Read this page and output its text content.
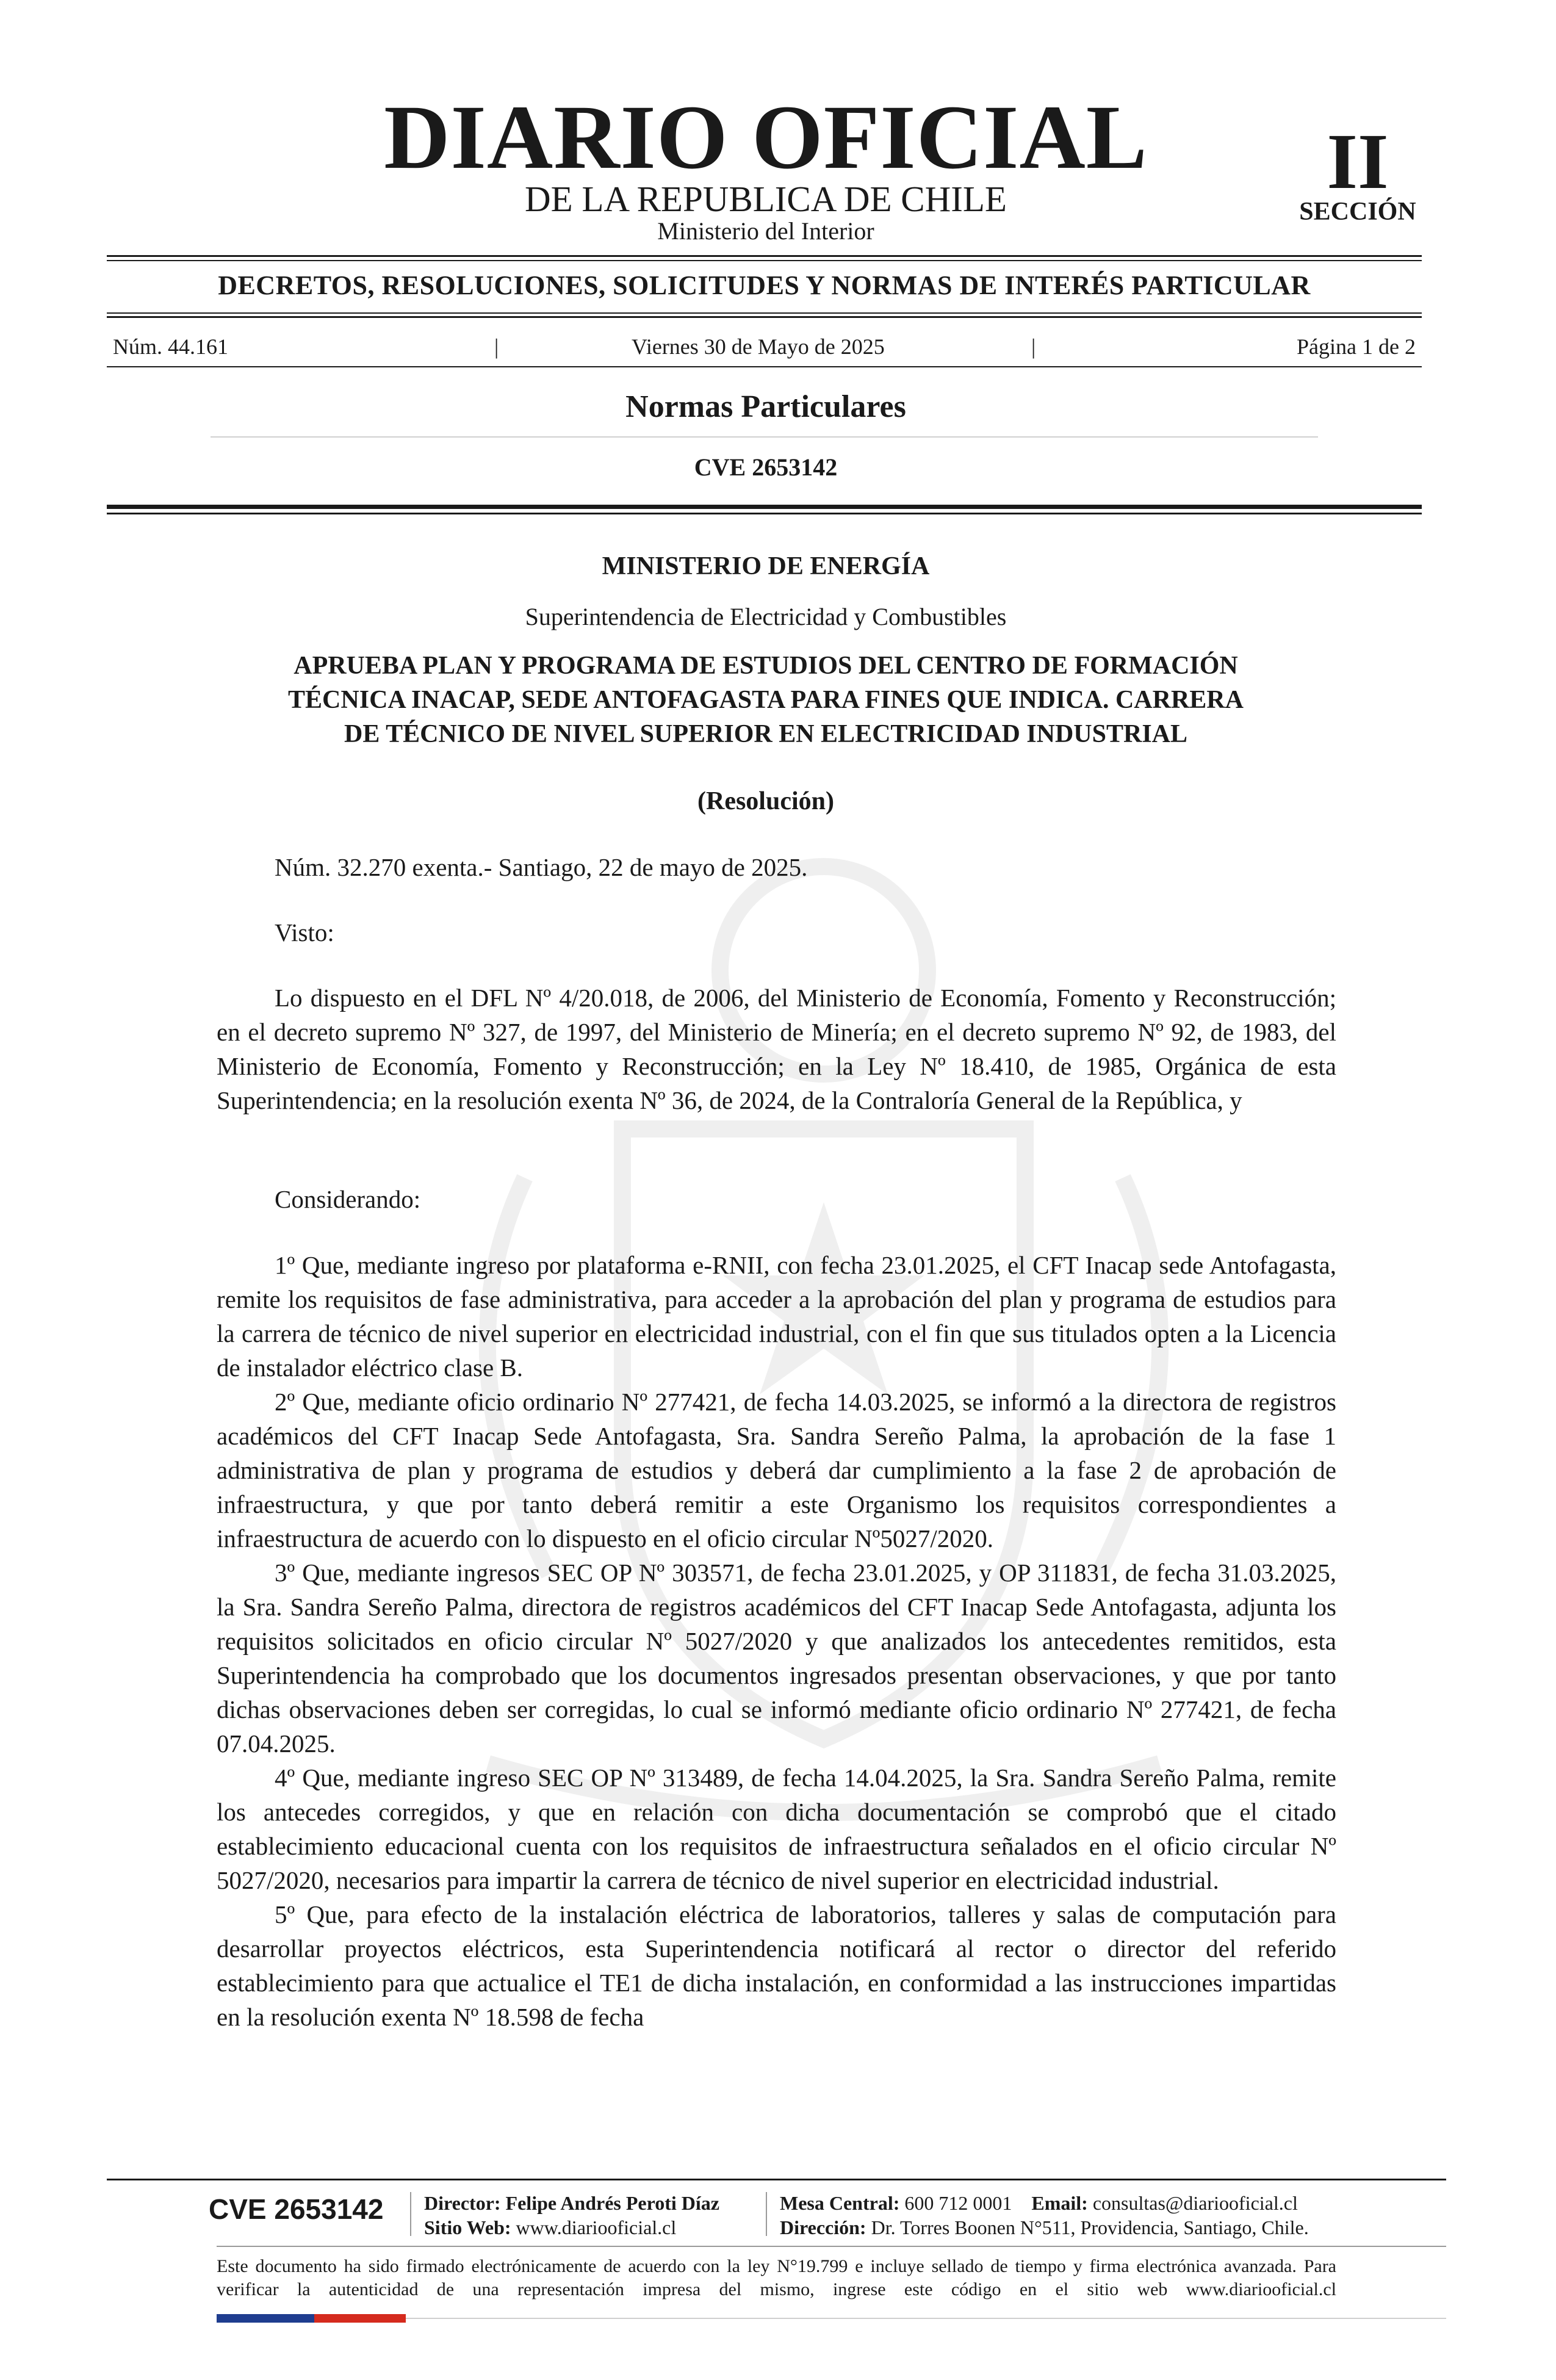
DIARIO OFICIAL
DE LA REPUBLICA DE CHILE
Ministerio del Interior
II
SECCIÓN
DECRETOS, RESOLUCIONES, SOLICITUDES Y NORMAS DE INTERÉS PARTICULAR
Núm. 44.161	|	Viernes 30 de Mayo de 2025	|	Página 1 de 2
Normas Particulares
CVE 2653142
MINISTERIO DE ENERGÍA
Superintendencia de Electricidad y Combustibles
APRUEBA PLAN Y PROGRAMA DE ESTUDIOS DEL CENTRO DE FORMACIÓN
TÉCNICA INACAP, SEDE ANTOFAGASTA PARA FINES QUE INDICA. CARRERA
DE TÉCNICO DE NIVEL SUPERIOR EN ELECTRICIDAD INDUSTRIAL
(Resolución)
Núm. 32.270 exenta.- Santiago, 22 de mayo de 2025.
Visto:
Lo dispuesto en el DFL Nº 4/20.018, de 2006, del Ministerio de Economía, Fomento y Reconstrucción; en el decreto supremo Nº 327, de 1997, del Ministerio de Minería; en el decreto supremo Nº 92, de 1983, del Ministerio de Economía, Fomento y Reconstrucción; en la Ley Nº 18.410, de 1985, Orgánica de esta Superintendencia; en la resolución exenta Nº 36, de 2024, de la Contraloría General de la República, y
Considerando:
1º Que, mediante ingreso por plataforma e-RNII, con fecha 23.01.2025, el CFT Inacap sede Antofagasta, remite los requisitos de fase administrativa, para acceder a la aprobación del plan y programa de estudios para la carrera de técnico de nivel superior en electricidad industrial, con el fin que sus titulados opten a la Licencia de instalador eléctrico clase B.
2º Que, mediante oficio ordinario Nº 277421, de fecha 14.03.2025, se informó a la directora de registros académicos del CFT Inacap Sede Antofagasta, Sra. Sandra Sereño Palma, la aprobación de la fase 1 administrativa de plan y programa de estudios y deberá dar cumplimiento a la fase 2 de aprobación de infraestructura, y que por tanto deberá remitir a este Organismo los requisitos correspondientes a infraestructura de acuerdo con lo dispuesto en el oficio circular Nº5027/2020.
3º Que, mediante ingresos SEC OP Nº 303571, de fecha 23.01.2025, y OP 311831, de fecha 31.03.2025, la Sra. Sandra Sereño Palma, directora de registros académicos del CFT Inacap Sede Antofagasta, adjunta los requisitos solicitados en oficio circular Nº 5027/2020 y que analizados los antecedentes remitidos, esta Superintendencia ha comprobado que los documentos ingresados presentan observaciones, y que por tanto dichas observaciones deben ser corregidas, lo cual se informó mediante oficio ordinario Nº 277421, de fecha 07.04.2025.
4º Que, mediante ingreso SEC OP Nº 313489, de fecha 14.04.2025, la Sra. Sandra Sereño Palma, remite los antecedes corregidos, y que en relación con dicha documentación se comprobó que el citado establecimiento educacional cuenta con los requisitos de infraestructura señalados en el oficio circular Nº 5027/2020, necesarios para impartir la carrera de técnico de nivel superior en electricidad industrial.
5º Que, para efecto de la instalación eléctrica de laboratorios, talleres y salas de computación para desarrollar proyectos eléctricos, esta Superintendencia notificará al rector o director del referido establecimiento para que actualice el TE1 de dicha instalación, en conformidad a las instrucciones impartidas en la resolución exenta Nº 18.598 de fecha
CVE 2653142	Director: Felipe Andrés Peroti Díaz
Sitio Web: www.diariooficial.cl
Mesa Central: 600 712 0001 Email: consultas@diariooficial.cl
Dirección: Dr. Torres Boonen N°511, Providencia, Santiago, Chile.
Este documento ha sido firmado electrónicamente de acuerdo con la ley N°19.799 e incluye sellado de tiempo y firma electrónica avanzada. Para verificar la autenticidad de una representación impresa del mismo, ingrese este código en el sitio web www.diariooficial.cl
